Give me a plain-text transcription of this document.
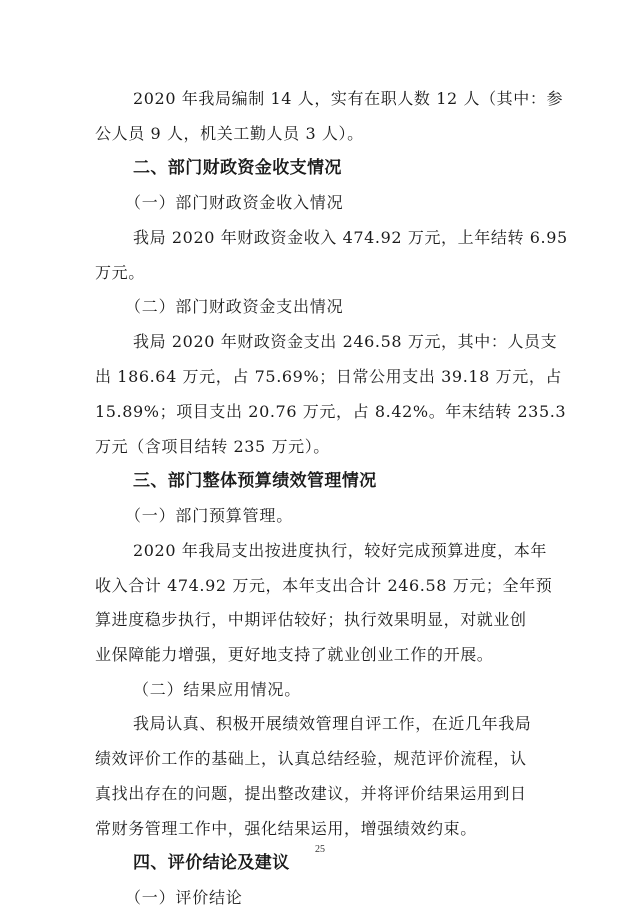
2020 年我局编制 14 人，实有在职人数 12 人（其中：参
公人员 9 人，机关工勤人员 3 人）。
二、部门财政资金收支情况
（一）部门财政资金收入情况
我局 2020 年财政资金收入 474.92 万元，上年结转 6.95
万元。
（二）部门财政资金支出情况
我局 2020 年财政资金支出 246.58 万元，其中：人员支
出 186.64 万元，占 75.69%；日常公用支出 39.18 万元，占
15.89%；项目支出 20.76 万元，占 8.42%。年末结转 235.3
万元（含项目结转 235 万元）。
三、部门整体预算绩效管理情况
（一）部门预算管理。
2020 年我局支出按进度执行，较好完成预算进度，本年
收入合计 474.92 万元，本年支出合计 246.58 万元；全年预
算进度稳步执行，中期评估较好；执行效果明显，对就业创
业保障能力增强，更好地支持了就业创业工作的开展。
（二）结果应用情况。
我局认真、积极开展绩效管理自评工作，在近几年我局
绩效评价工作的基础上，认真总结经验，规范评价流程，认
真找出存在的问题，提出整改建议，并将评价结果运用到日
常财务管理工作中，强化结果运用，增强绩效约束。
四、评价结论及建议
（一）评价结论
25
